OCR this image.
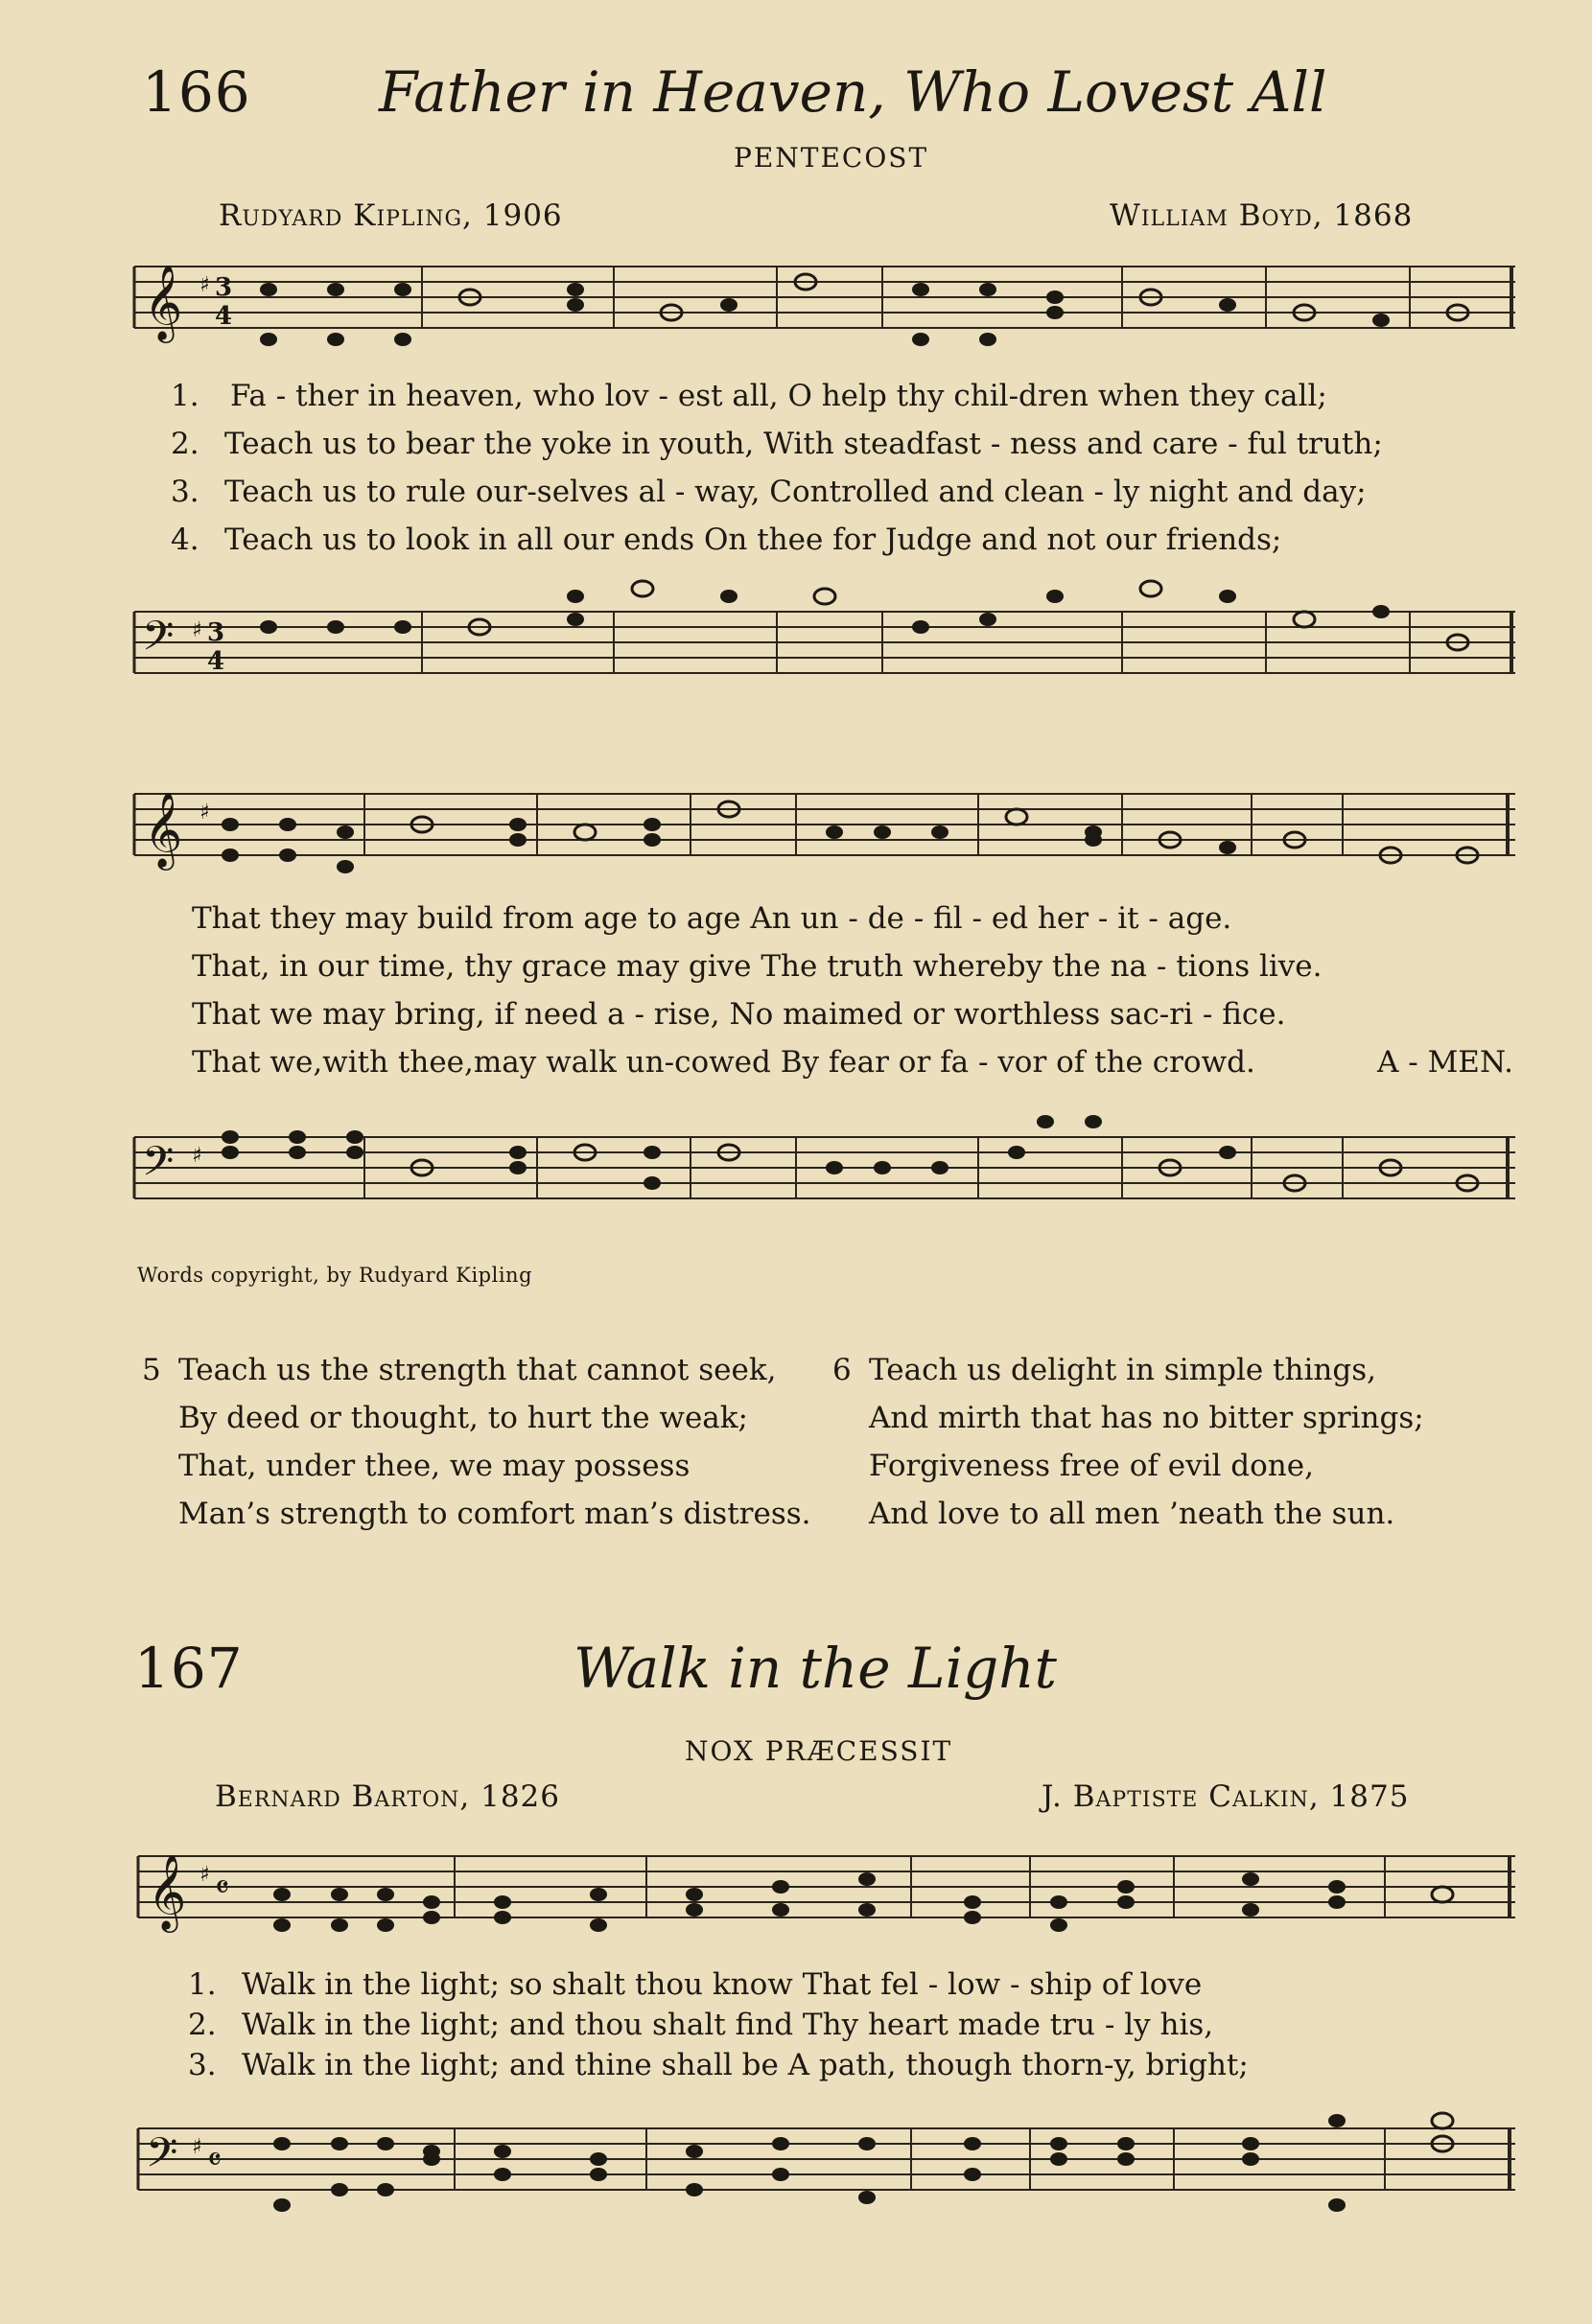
166 Father in Heaven, Who Lovest All
PENTECOST
Rudyard Kipling, 1906	William Boyd, 1868
𝄞 ♯ 3
4
1. Fa - ther in heaven, who lov - est all, O help thy chil-dren when they call;
2. Teach us to bear the yoke in youth, With steadfast - ness and care - ful truth;
3. Teach us to rule our-selves al - way, Controlled and clean - ly night and day;
4. Teach us to look in all our ends On thee for Judge and not our friends;
𝄢 ♯ 3
4
𝄞 ♯
That they may build from age to age An un - de - fil - ed her - it - age.
That, in our time, thy grace may give The truth whereby the na - tions live.
That we may bring, if need a - rise, No maimed or worthless sac-ri - fice.
That we,with thee,may walk un-cowed By fear or fa - vor of the crowd.	A - MEN.
𝄢 ♯
Words copyright, by Rudyard Kipling
5 Teach us the strength that cannot seek,
By deed or thought, to hurt the weak;
That, under thee, we may possess
Man’s strength to comfort man’s distress.
6 Teach us delight in simple things,
And mirth that has no bitter springs;
Forgiveness free of evil done,
And love to all men ’neath the sun.
167	Walk in the Light
NOX PRÆCESSIT
Bernard Barton, 1826	J. Baptiste Calkin, 1875
𝄞 ♯ 𝄴
1. Walk in the light; so shalt thou know That fel - low - ship of love
2. Walk in the light; and thou shalt find Thy heart made tru - ly his,
3. Walk in the light; and thine shall be A path, though thorn-y, bright;
𝄢 ♯ 𝄴
